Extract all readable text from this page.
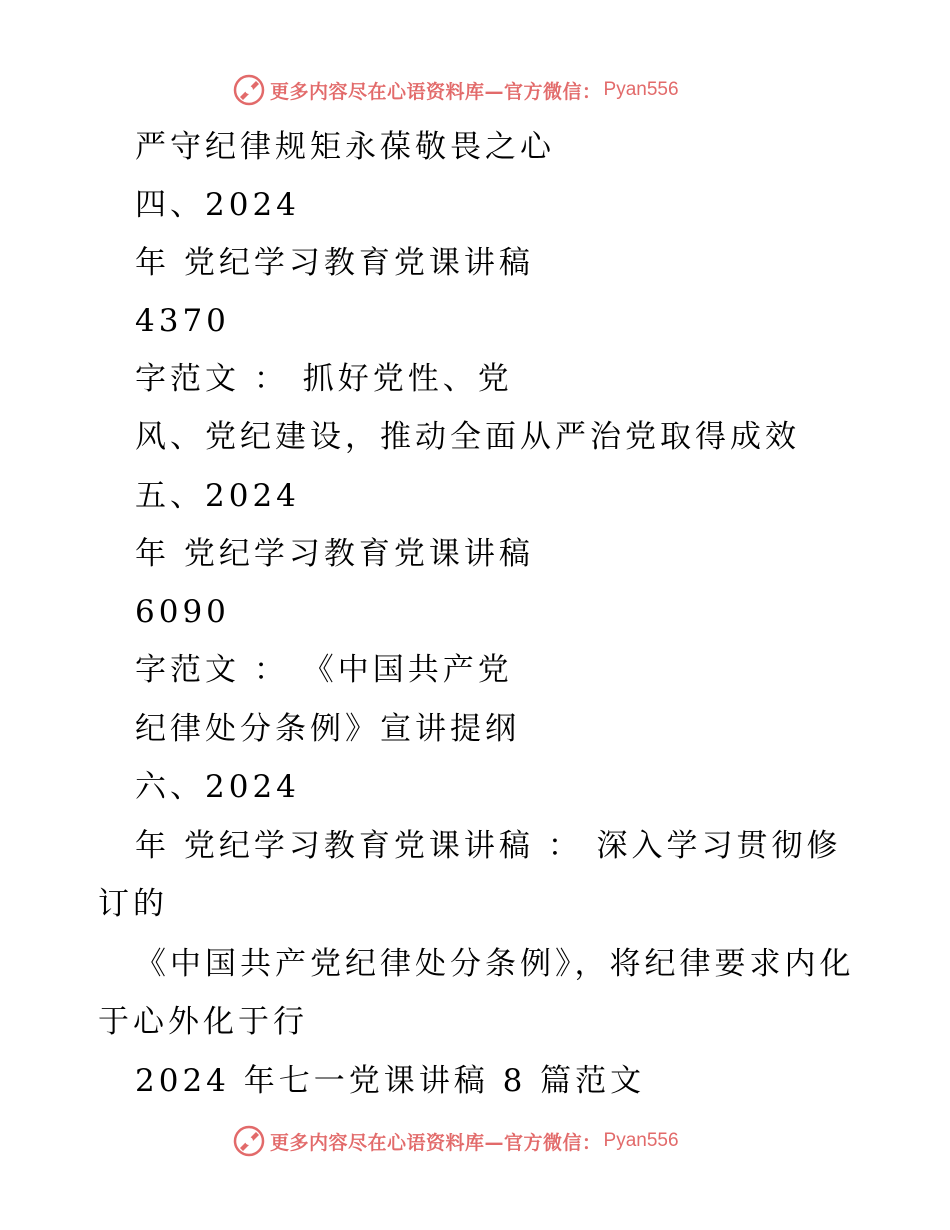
更多内容尽在心语资料库—官方微信： Pyan556
严守纪律规矩永葆敬畏之心
四、2024
年 党纪学习教育党课讲稿
4370
字范文 ： 抓好党性、党
风、党纪建设，推动全面从严治党取得成效
五、2024
年 党纪学习教育党课讲稿
6090
字范文 ： 《中国共产党
纪律处分条例》宣讲提纲
六、2024
年 党纪学习教育党课讲稿 ： 深入学习贯彻修
订的
《中国共产党纪律处分条例》，将纪律要求内化
于心外化于行
2024 年七一党课讲稿 8 篇范文
更多内容尽在心语资料库—官方微信： Pyan556
